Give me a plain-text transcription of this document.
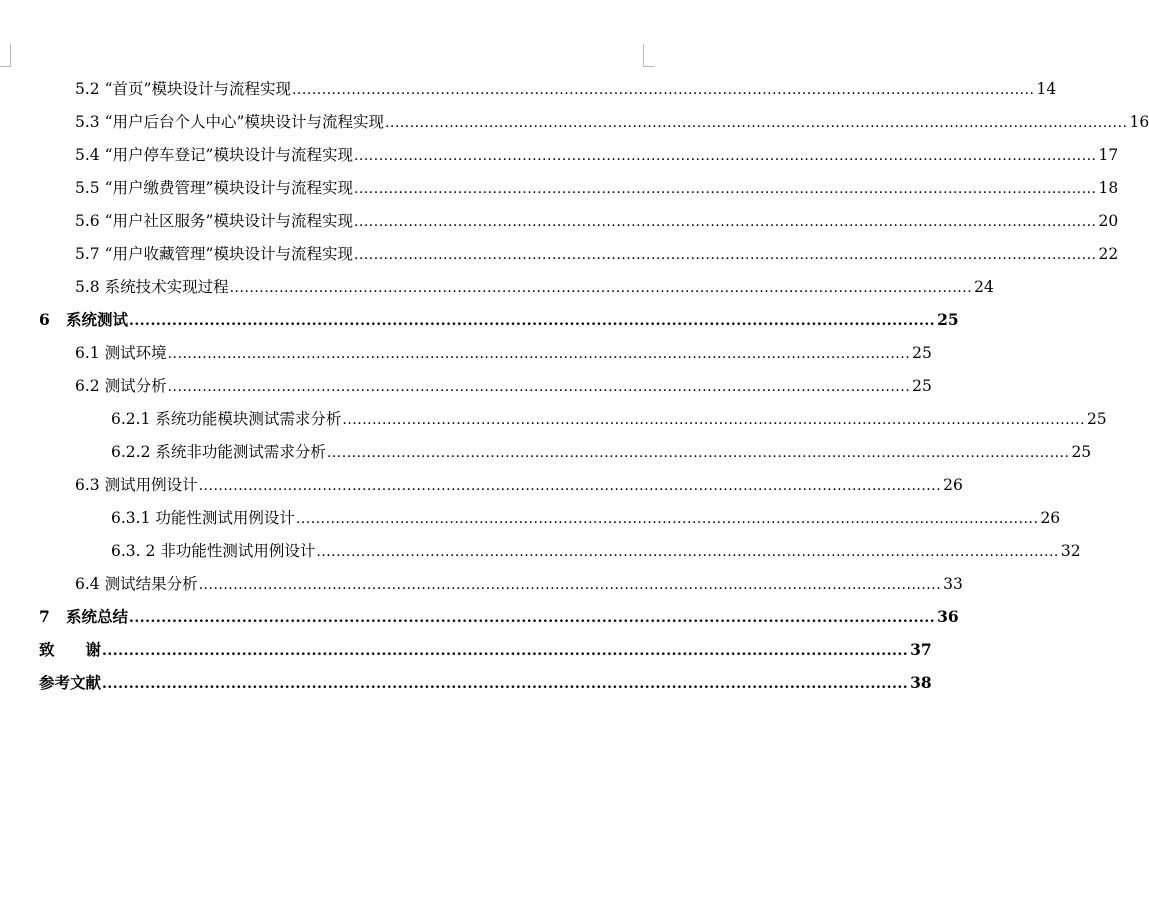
5.2 “首页”模块设计与流程实现 ...................................................................................................................................................... 14
5.3 “用户后台个人中心”模块设计与流程实现 ...................................................................................................................................................... 16
5.4 “用户停车登记”模块设计与流程实现 ...................................................................................................................................................... 17
5.5 “用户缴费管理”模块设计与流程实现 ...................................................................................................................................................... 18
5.6 “用户社区服务”模块设计与流程实现 ...................................................................................................................................................... 20
5.7 “用户收藏管理”模块设计与流程实现 ...................................................................................................................................................... 22
5.8 系统技术实现过程 ...................................................................................................................................................... 24
6 系统测试 ...................................................................................................................................................... 25
6.1 测试环境 ...................................................................................................................................................... 25
6.2 测试分析 ...................................................................................................................................................... 25
6.2.1 系统功能模块测试需求分析 ...................................................................................................................................................... 25
6.2.2 系统非功能测试需求分析 ...................................................................................................................................................... 25
6.3 测试用例设计 ...................................................................................................................................................... 26
6.3.1 功能性测试用例设计 ...................................................................................................................................................... 26
6.3. 2 非功能性测试用例设计 ...................................................................................................................................................... 32
6.4 测试结果分析 ...................................................................................................................................................... 33
7 系统总结 ...................................................................................................................................................... 36
致　　谢 ...................................................................................................................................................... 37
参考文献 ...................................................................................................................................................... 38
